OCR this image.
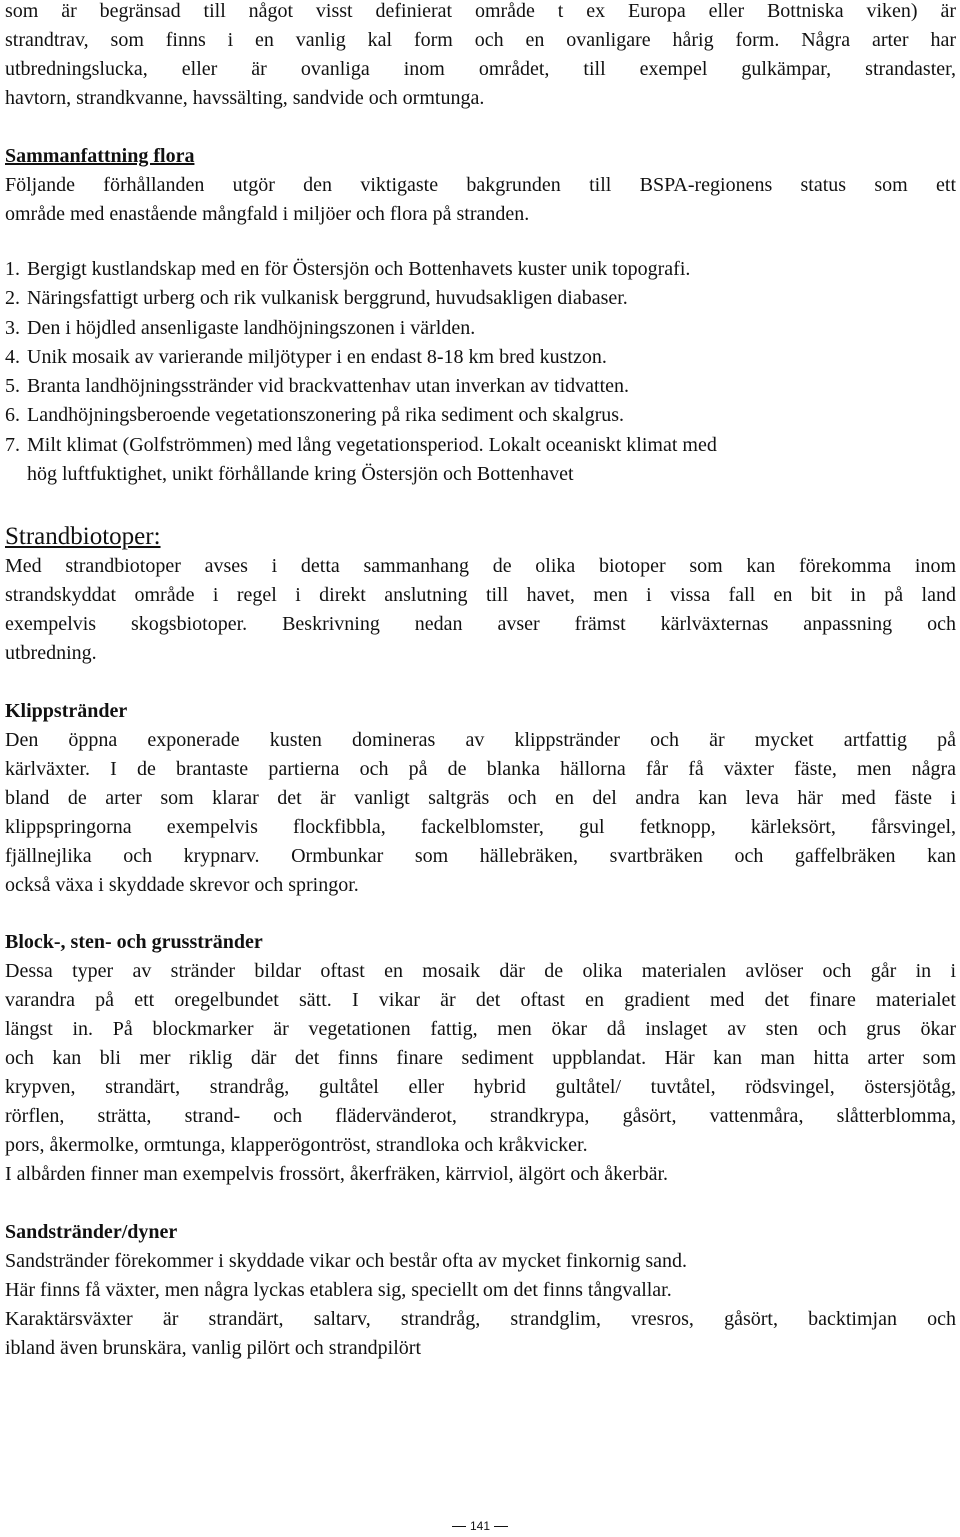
som är begränsad till något visst definierat område t ex Europa eller Bottniska viken) är

strandtrav, som finns i en vanlig kal form och en ovanligare hårig form. Några arter har

utbredningslucka, eller är ovanliga inom området, till exempel gulkämpar, strandaster,

havtorn, strandkvanne, havssälting, sandvide och ormtunga.

Sammanfattning flora

Följande förhållanden utgör den viktigaste bakgrunden till BSPA-regionens status som ett

område med enastående mångfald i miljöer och flora på stranden.

1. Bergigt kustlandskap med en för Östersjön och Bottenhavets kuster unik topografi.
2. Näringsfattigt urberg och rik vulkanisk berggrund, huvudsakligen diabaser.
3. Den i höjdled ansenligaste landhöjningszonen i världen.
4. Unik mosaik av varierande miljötyper i en endast 8-18 km bred kustzon.
5. Branta landhöjningsstränder vid brackvattenhav utan inverkan av tidvatten.
6. Landhöjningsberoende vegetationszonering på rika sediment och skalgrus.
7. Milt klimat (Golfströmmen) med lång vegetationsperiod. Lokalt oceaniskt klimat med
hög luftfuktighet, unikt förhållande kring Östersjön och Bottenhavet
Strandbiotoper:

Med strandbiotoper avses i detta sammanhang de olika biotoper som kan förekomma inom

strandskyddat område i regel i direkt anslutning till havet, men i vissa fall en bit in på land

exempelvis skogsbiotoper. Beskrivning nedan avser främst kärlväxternas anpassning och

utbredning.

Klippstränder

Den öppna exponerade kusten domineras av klippstränder och är mycket artfattig på

kärlväxter. I de brantaste partierna och på de blanka hällorna får få växter fäste, men några

bland de arter som klarar det är vanligt saltgräs och en del andra kan leva här med fäste i

klippspringorna exempelvis flockfibbla, fackelblomster, gul fetknopp, kärleksört, fårsvingel,

fjällnejlika och krypnarv. Ormbunkar som hällebräken, svartbräken och gaffelbräken kan

också växa i skyddade skrevor och springor.

Block-, sten- och grusstränder

Dessa typer av stränder bildar oftast en mosaik där de olika materialen avlöser och går in i

varandra på ett oregelbundet sätt. I vikar är det oftast en gradient med det finare materialet

längst in. På blockmarker är vegetationen fattig, men ökar då inslaget av sten och grus ökar

och kan bli mer riklig där det finns finare sediment uppblandat. Här kan man hitta arter som

krypven, strandärt, strandråg, gultåtel eller hybrid gultåtel/ tuvtåtel, rödsvingel, östersjötåg,

rörflen, strätta, strand- och flädervänderot, strandkrypa, gåsört, vattenmåra, slåtterblomma,

pors, åkermolke, ormtunga, klapperögontröst, strandloka och kråkvicker.

I albården finner man exempelvis frossört, åkerfräken, kärrviol, älgört och åkerbär.

Sandstränder/dyner

Sandstränder förekommer i skyddade vikar och består ofta av mycket finkornig sand.

Här finns få växter, men några lyckas etablera sig, speciellt om det finns tångvallar.

Karaktärsväxter är strandärt, saltarv, strandråg, strandglim, vresros, gåsört, backtimjan och

ibland även brunskära, vanlig pilört och strandpilört

141
